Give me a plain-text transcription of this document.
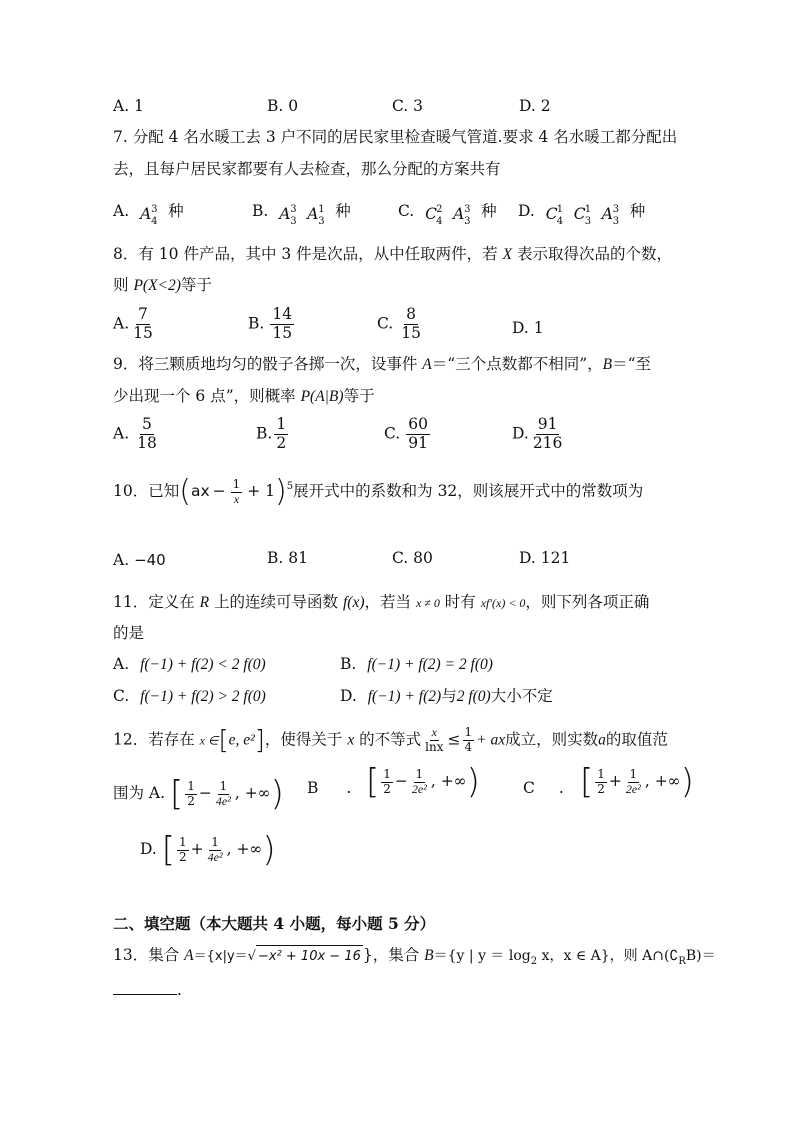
A. 1	B. 0	C. 3	D. 2
7. 分配 4 名水暖工去 3 户不同的居民家里检查暖气管道.要求 4 名水暖工都分配出
去，且每户居民家都要有人去检查，那么分配的方案共有
A. A 3
4
种	B. A 3
3 A 1
3
种	C. C 2
4 A 3
3
种 D. C 1
4 C 1
3 A 3
3
种
8．有 10 件产品，其中 3 件是次品，从中任取两件，若 X 表示取得次品的个数，
则 P(X<2)等于
A. $\frac{7}{15}$	B. $\frac{14}{15}$	C. $\frac{8}{15}$	D. 1
9．将三颗质地均匀的骰子各掷一次，设事件 A＝“三个点数都不相同”，B＝“至
少出现一个 6 点”，则概率 P(A|B)等于
A. $\frac{5}{18}$	B. $\frac{1}{2}$	C. $\frac{60}{91}$	D. $\frac{91}{216}$
10．已知$(ax - \frac{1}{x} + 1)^5$展开式中的系数和为 32，则该展开式中的常数项为
A. −40	B. 81	C. 80	D. 121
11．定义在 R 上的连续可导函数 f(x)，若当 x ≠ 0 时有 xf′(x) < 0，则下列各项正确
的是
A. f(−1) + f(2) < 2 f(0)	B. f(−1) + f(2) = 2 f(0)
C. f(−1) + f(2) > 2 f(0)	D. f(−1) + f(2)与2 f(0)大小不定
12．若存在 x ∈[e, e²]，使得关于 x 的不等式 $\frac{x}{\ln x} \le \frac{1}{4}$ + ax成立，则实数a的取值范
围为 A. [ $\frac{1}{2} - \frac{1}{\text{4e²}}$ , +∞) B . [ $\frac{1}{2} - \frac{1}{\text{2e²}}$ , +∞)	C . [ $\frac{1}{2} + \frac{1}{\text{2e²}}$ , +∞)
D. [ $\frac{1}{2} + \frac{1}{\text{4e²}}$ , +∞)
二、填空题（本大题共 4 小题，每小题 5 分）
13．集合 A＝{x|y＝√ −x² + 10x − 16 }，集合 B＝{y | $y = \log_2 x$，x ∈ A}，则 $A\cap(∁_RB)=$
.
